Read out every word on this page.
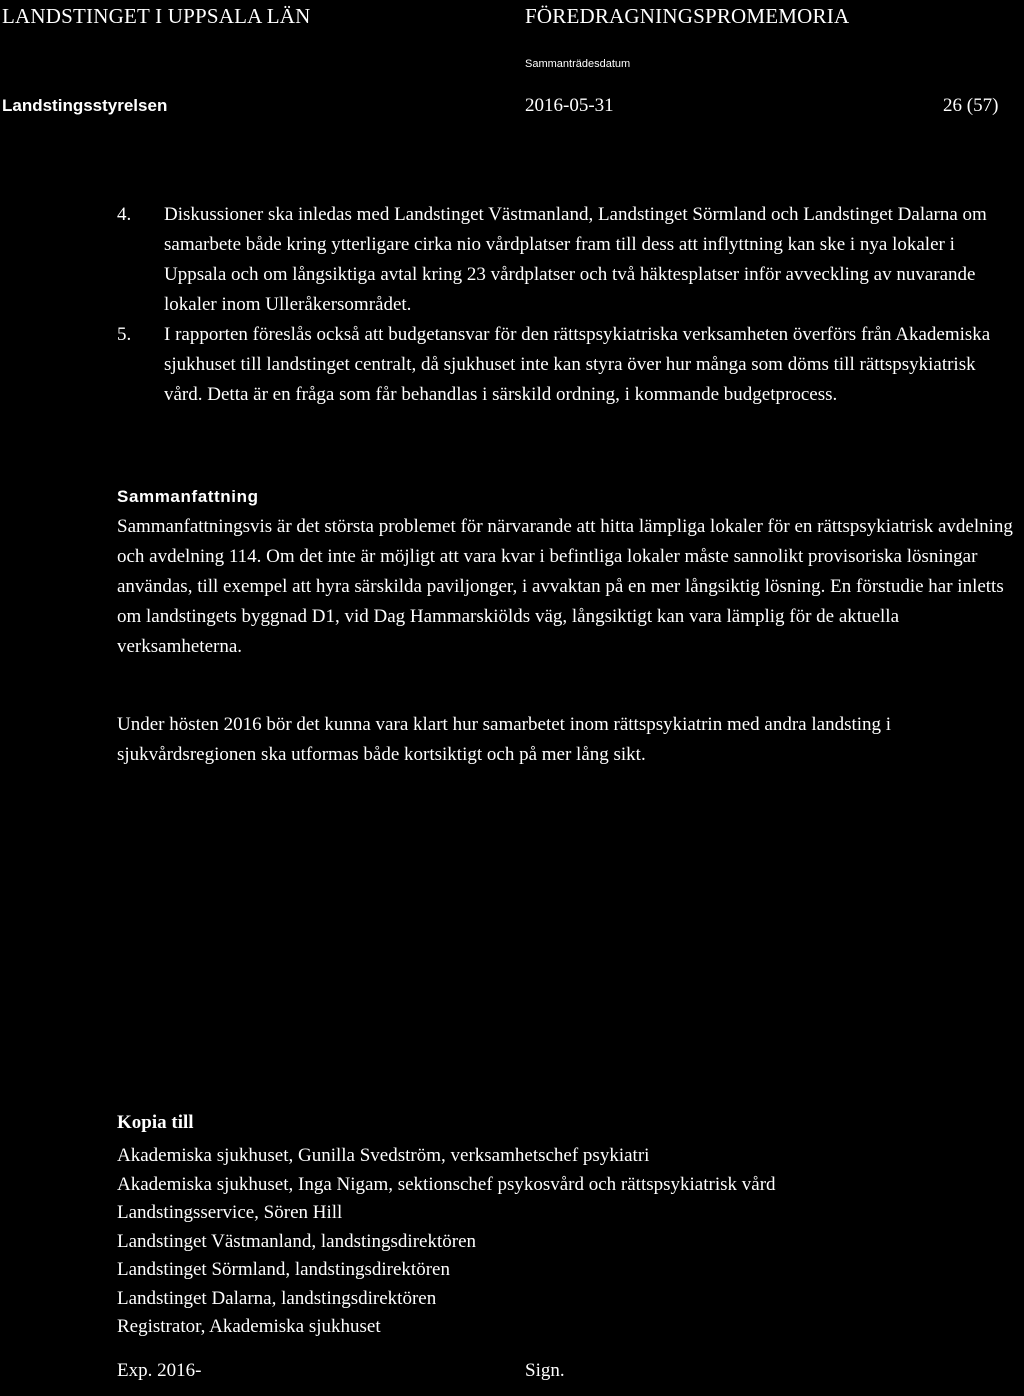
LANDSTINGET I UPPSALA LÄN	FÖREDRAGNINGSPROMEMORIA
Sammanträdesdatum
Landstingsstyrelsen	2016-05-31	26 (57)
4. Diskussioner ska inledas med Landstinget Västmanland, Landstinget Sörmland och Landstinget Dalarna om samarbete både kring ytterligare cirka nio vårdplatser fram till dess att inflyttning kan ske i nya lokaler i Uppsala och om långsiktiga avtal kring 23 vårdplatser och två häktesplatser inför avveckling av nuvarande lokaler inom Ulleråkersområdet.
5. I rapporten föreslås också att budgetansvar för den rättspsykiatriska verksamheten överförs från Akademiska sjukhuset till landstinget centralt, då sjukhuset inte kan styra över hur många som döms till rättspsykiatrisk vård. Detta är en fråga som får behandlas i särskild ordning, i kommande budgetprocess.
Sammanfattning
Sammanfattningsvis är det största problemet för närvarande att hitta lämpliga lokaler för en rättspsykiatrisk avdelning och avdelning 114. Om det inte är möjligt att vara kvar i befintliga lokaler måste sannolikt provisoriska lösningar användas, till exempel att hyra särskilda paviljonger, i avvaktan på en mer långsiktig lösning. En förstudie har inletts om landstingets byggnad D1, vid Dag Hammarskiölds väg, långsiktigt kan vara lämplig för de aktuella verksamheterna.
Under hösten 2016 bör det kunna vara klart hur samarbetet inom rättspsykiatrin med andra landsting i sjukvårdsregionen ska utformas både kortsiktigt och på mer lång sikt.
Kopia till
Akademiska sjukhuset, Gunilla Svedström, verksamhetschef psykiatri
Akademiska sjukhuset, Inga Nigam, sektionschef psykosvård och rättspsykiatrisk vård
Landstingsservice, Sören Hill
Landstinget Västmanland, landstingsdirektören
Landstinget Sörmland, landstingsdirektören
Landstinget Dalarna, landstingsdirektören
Registrator, Akademiska sjukhuset
Exp. 2016-	Sign.
